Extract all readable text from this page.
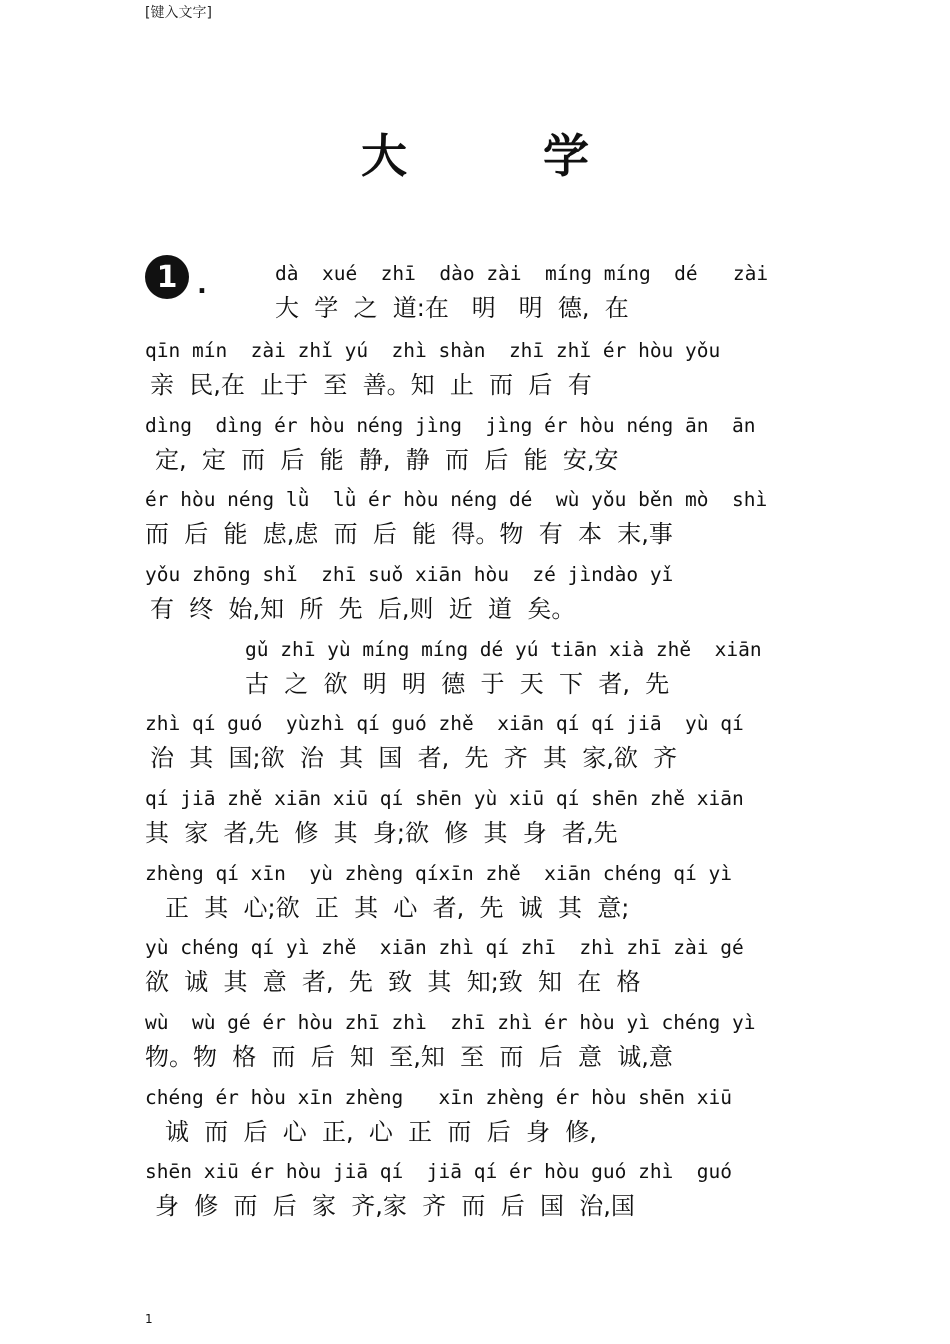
[键入文字]
大 学
1 .	dà  xué  zhī  dào zài  míng míng  dé   zài
大  学  之  道:在   明   明  德,  在
qīn mín  zài zhǐ yú  zhì shàn  zhī zhǐ ér hòu yǒu
亲  民,在  止于  至  善。知  止  而  后  有
dìng  dìng ér hòu néng jìng  jìng ér hòu néng ān  ān
定,  定  而  后  能  静,  静  而  后  能  安,安
ér hòu néng lǜ  lǜ ér hòu néng dé  wù yǒu běn mò  shì
而  后  能  虑,虑  而  后  能  得。物  有  本  末,事
yǒu zhōng shǐ  zhī suǒ xiān hòu  zé jìndào yǐ
有  终  始,知  所  先  后,则  近  道  矣。
gǔ zhī yù míng míng dé yú tiān xià zhě  xiān
古  之  欲  明  明  德  于  天  下  者,  先
zhì qí guó  yùzhì qí guó zhě  xiān qí qí jiā  yù qí
治  其  国;欲  治  其  国  者,  先  齐  其  家,欲  齐
qí jiā zhě xiān xiū qí shēn yù xiū qí shēn zhě xiān
其  家  者,先  修  其  身;欲  修  其  身  者,先
zhèng qí xīn  yù zhèng qíxīn zhě  xiān chéng qí yì
正  其  心;欲  正  其  心  者,  先  诚  其  意;
yù chéng qí yì zhě  xiān zhì qí zhī  zhì zhī zài gé
欲  诚  其  意  者,  先  致  其  知;致  知  在  格
wù  wù gé ér hòu zhī zhì  zhī zhì ér hòu yì chéng yì
物。物  格  而  后  知  至,知  至  而  后  意  诚,意
chéng ér hòu xīn zhèng   xīn zhèng ér hòu shēn xiū
诚  而  后  心  正,  心  正  而  后  身  修,
shēn xiū ér hòu jiā qí  jiā qí ér hòu guó zhì  guó
身  修  而  后  家  齐,家  齐  而  后  国  治,国
1
